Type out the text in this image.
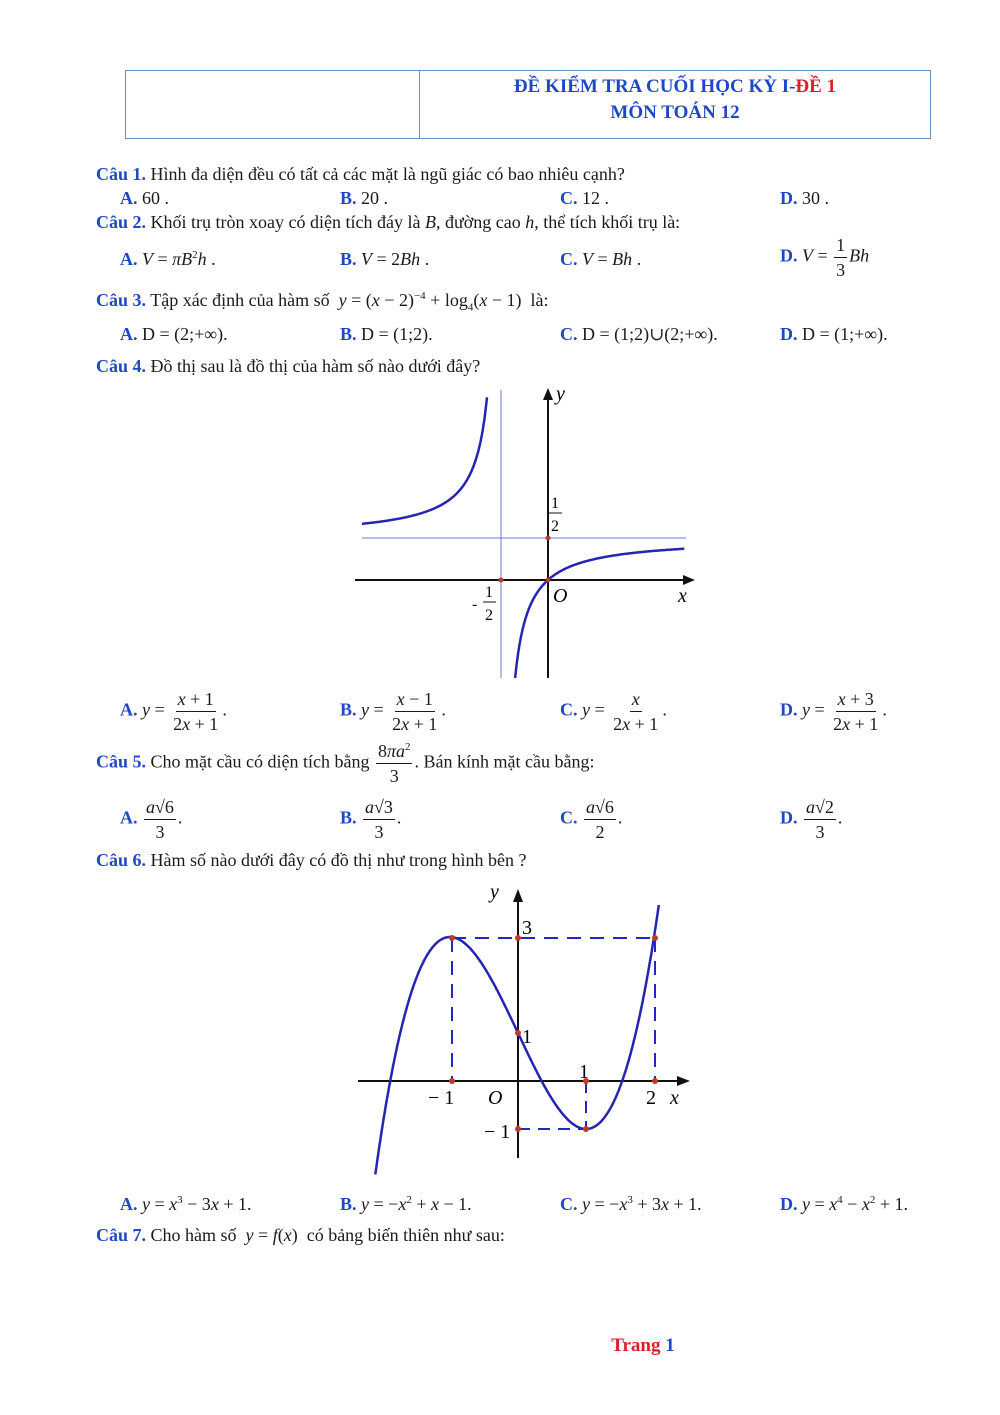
ĐỀ KIỂM TRA CUỐI HỌC KỲ I-ĐỀ 1
MÔN TOÁN 12
Câu 1. Hình đa diện đều có tất cả các mặt là ngũ giác có bao nhiêu cạnh?
A. 60 .	B. 20 .	C. 12 .	D. 30 .
Câu 2. Khối trụ tròn xoay có diện tích đáy là B, đường cao h, thể tích khối trụ là:
A. $V = \pi B^2h$ .	B. V = 2Bh .	C. V = Bh .	D. $V = \frac{1}{3}$ Bh
Câu 3. Tập xác định của hàm số $y = (x - 2)^{-4} + \log_4(x - 1)$  là:
A. D = (2;+∞).	B. D = (1;2).	C. D = (1;2)∪(2;+∞).	D. D = (1;+∞).
Câu 4. Đồ thị sau là đồ thị của hàm số nào dưới đây?
y
x
O
1
2
-
1
2
A. $y = \frac{x + 1}{2x + 1}$ .	B. $y = \frac{x - 1}{2x + 1}$ .	C. $y = \frac{x}{2x + 1}$ .	D. $y = \frac{x + 3}{2x + 1}$ .
Câu 5. Cho mặt cầu có diện tích bằng $\frac{8\pi a^2}{3}$ . Bán kính mặt cầu bằng:
A. $\frac{a√6}{3}$ .	B. $\frac{a√3}{3}$ .	C. $\frac{a√6}{2}$ .	D. $\frac{a√2}{3}$ .
Câu 6. Hàm số nào dưới đây có đồ thị như trong hình bên ?
y
x
O
3
1
− 1
− 1
1
2
A. $y = x^3 - 3x + 1$.	B. $y = -x^2 + x - 1$.	C. $y = -x^3 + 3x + 1$.	D. $y = x^4 - x^2 + 1$.
Câu 7. Cho hàm số y = f(x)  có bảng biến thiên như sau:
Trang 1
